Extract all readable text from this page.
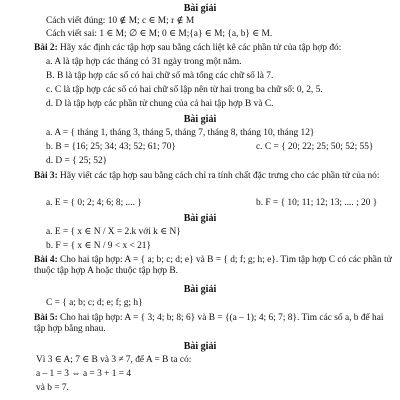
Bài giải
Cách viết đúng: 10 ∉ M; c ∈ M; r ∉ M
Cách viết sai: 1 ∈ M; ∅ ∈ M; 0 ∈ M;{a} ∈ M; {a, b} ∈ M.
Bài 2: Hãy xác định các tập hợp sau bằng cách liệt kê các phần tử của tập hợp đó:
a. A là tập hợp các tháng có 31 ngày trong một năm.
B. B là tập hợp các số có hai chữ số mà tổng các chữ số là 7.
c. C là tập hợp các số có hai chữ số lập nên từ hai trong ba chữ số: 0, 2, 5.
d. D là tập hợp các phần tử chung của cả hai tập hợp B và C.
Bài giải
a. A = { tháng 1, tháng 3, tháng 5, tháng 7, tháng 8, tháng 10, tháng 12}
b. B = {16; 25; 34; 43; 52; 61; 70}	c. C = { 20; 22; 25; 50; 52; 55}
d. D = { 25; 52}
Bài 3: Hãy viết các tập hợp sau bằng cách chỉ ra tính chất đặc trưng cho các phần tử của nó:
a. E = { 0; 2; 4; 6; 8; .... }	b. F = { 10; 11; 12; 13; .... ; 20 }
Bài giải
a. E = { x ∈ N / X = 2.k với k ∈ N}
b. F = { x ∈ N / 9 < x < 21}
Bài 4: Cho hai tập hợp: A = { a; b; c; d; e} và B = { d; f; g; h; e}. Tìm tập hợp C có các phần tử thuộc tập hợp A hoặc thuộc tập hợp B.
Bài giải
C = { a; b; c; d; e; f; g; h}
Bài 5: Cho hai tập hợp: A = { 3; 4; b; 8; 6} và B = {(a – 1); 4; 6; 7; 8}. Tìm các số a, b để hai tập hợp bằng nhau.
Bài giải
Vì 3 ∈ A; 7 ∈ B và 3 ≠ 7, để A = B ta có:
a – 1 = 3 ⇔ a = 3 + 1 = 4
và b = 7.
